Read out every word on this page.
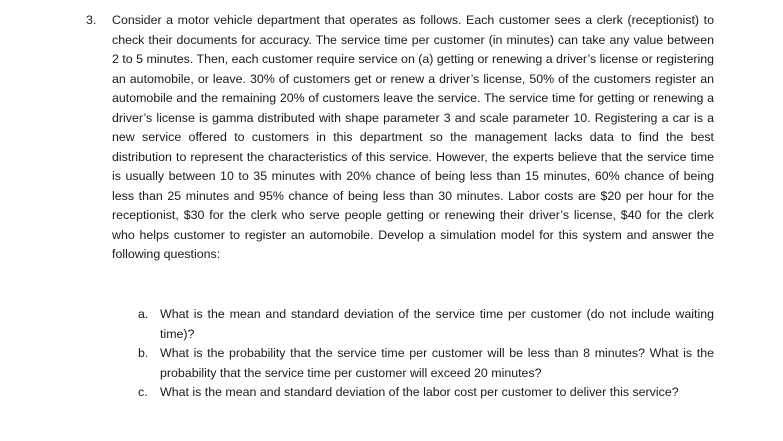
3.	Consider a motor vehicle department that operates as follows. Each customer sees a clerk (receptionist) to check their documents for accuracy. The service time per customer (in minutes) can take any value between 2 to 5 minutes. Then, each customer require service on (a) getting or renewing a driver’s license or registering an automobile, or leave. 30% of customers get or renew a driver’s license, 50% of the customers register an automobile and the remaining 20% of customers leave the service. The service time for getting or renewing a driver’s license is gamma distributed with shape parameter 3 and scale parameter 10. Registering a car is a new service offered to customers in this department so the management lacks data to find the best distribution to represent the characteristics of this service. However, the experts believe that the service time is usually between 10 to 35 minutes with 20% chance of being less than 15 minutes, 60% chance of being less than 25 minutes and 95% chance of being less than 30 minutes. Labor costs are $20 per hour for the receptionist, $30 for the clerk who serve people getting or renewing their driver’s license, $40 for the clerk who helps customer to register an automobile. Develop a simulation model for this system and answer the following questions:
a. What is the mean and standard deviation of the service time per customer (do not include waiting time)?
b. What is the probability that the service time per customer will be less than 8 minutes? What is the probability that the service time per customer will exceed 20 minutes?
c. What is the mean and standard deviation of the labor cost per customer to deliver this service?
